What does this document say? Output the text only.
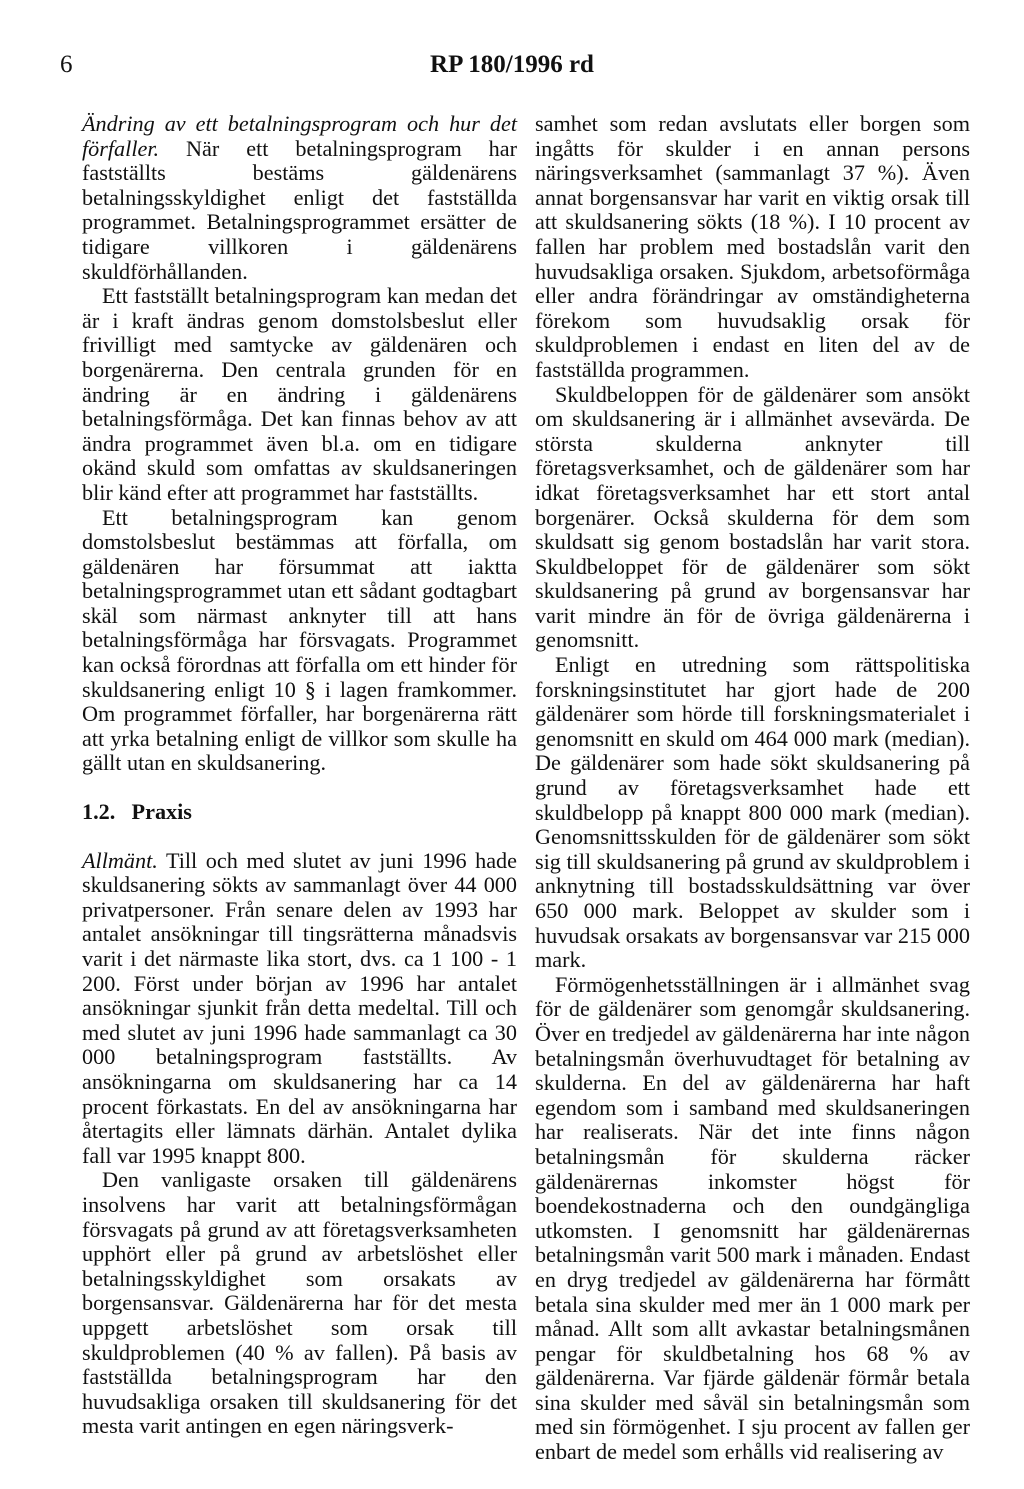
6	RP 180/1996 rd

Ändring av ett betalningsprogram och hur det förfaller. När ett betalningsprogram har fastställts bestäms gäldenärens betalningsskyldighet enligt det fastställda programmet. Betalningsprogrammet ersätter de tidigare villkoren i gäldenärens skuldförhållanden.

Ett fastställt betalningsprogram kan medan det är i kraft ändras genom domstolsbeslut eller frivilligt med samtycke av gäldenären och borgenärerna. Den centrala grunden för en ändring är en ändring i gäldenärens betalningsförmåga. Det kan finnas behov av att ändra programmet även bl.a. om en tidigare okänd skuld som omfattas av skuldsaneringen blir känd efter att programmet har fastställts.

Ett betalningsprogram kan genom domstolsbeslut bestämmas att förfalla, om gäldenären har försummat att iaktta betalningsprogrammet utan ett sådant godtagbart skäl som närmast anknyter till att hans betalningsförmåga har försvagats. Programmet kan också förordnas att förfalla om ett hinder för skuldsanering enligt 10 § i lagen framkommer. Om programmet förfaller, har borgenärerna rätt att yrka betalning enligt de villkor som skulle ha gällt utan en skuldsanering.

1.2. Praxis

Allmänt. Till och med slutet av juni 1996 hade skuldsanering sökts av sammanlagt över 44 000 privatpersoner. Från senare delen av 1993 har antalet ansökningar till tingsrätterna månadsvis varit i det närmaste lika stort, dvs. ca 1 100 - 1 200. Först under början av 1996 har antalet ansökningar sjunkit från detta medeltal. Till och med slutet av juni 1996 hade sammanlagt ca 30 000 betalningsprogram fastställts. Av ansökningarna om skuldsanering har ca 14 procent förkastats. En del av ansökningarna har återtagits eller lämnats därhän. Antalet dylika fall var 1995 knappt 800.

Den vanligaste orsaken till gäldenärens insolvens har varit att betalningsförmågan försvagats på grund av att företagsverksamheten upphört eller på grund av arbetslöshet eller betalningsskyldighet som orsakats av borgensansvar. Gäldenärerna har för det mesta uppgett arbetslöshet som orsak till skuldproblemen (40 % av fallen). På basis av fastställda betalningsprogram har den huvudsakliga orsaken till skuldsanering för det mesta varit antingen en egen näringsverk-

samhet som redan avslutats eller borgen som ingåtts för skulder i en annan persons näringsverksamhet (sammanlagt 37 %). Även annat borgensansvar har varit en viktig orsak till att skuldsanering sökts (18 %). I 10 procent av fallen har problem med bostadslån varit den huvudsakliga orsaken. Sjukdom, arbetsoförmåga eller andra förändringar av omständigheterna förekom som huvudsaklig orsak för skuldproblemen i endast en liten del av de fastställda programmen.

Skuldbeloppen för de gäldenärer som ansökt om skuldsanering är i allmänhet avsevärda. De största skulderna anknyter till företagsverksamhet, och de gäldenärer som har idkat företagsverksamhet har ett stort antal borgenärer. Också skulderna för dem som skuldsatt sig genom bostadslån har varit stora. Skuldbeloppet för de gäldenärer som sökt skuldsanering på grund av borgensansvar har varit mindre än för de övriga gäldenärerna i genomsnitt.

Enligt en utredning som rättspolitiska forskningsinstitutet har gjort hade de 200 gäldenärer som hörde till forskningsmaterialet i genomsnitt en skuld om 464 000 mark (median). De gäldenärer som hade sökt skuldsanering på grund av företagsverksamhet hade ett skuldbelopp på knappt 800 000 mark (median). Genomsnittsskulden för de gäldenärer som sökt sig till skuldsanering på grund av skuldproblem i anknytning till bostadsskuldsättning var över 650 000 mark. Beloppet av skulder som i huvudsak orsakats av borgensansvar var 215 000 mark.

Förmögenhetsställningen är i allmänhet svag för de gäldenärer som genomgår skuldsanering. Över en tredjedel av gäldenärerna har inte någon betalningsmån överhuvudtaget för betalning av skulderna. En del av gäldenärerna har haft egendom som i samband med skuldsaneringen har realiserats. När det inte finns någon betalningsmån för skulderna räcker gäldenärernas inkomster högst för boendekostnaderna och den oundgängliga utkomsten. I genomsnitt har gäldenärernas betalningsmån varit 500 mark i månaden. Endast en dryg tredjedel av gäldenärerna har förmått betala sina skulder med mer än 1 000 mark per månad. Allt som allt avkastar betalningsmånen pengar för skuldbetalning hos 68 % av gäldenärerna. Var fjärde gäldenär förmår betala sina skulder med såväl sin betalningsmån som med sin förmögenhet. I sju procent av fallen ger enbart de medel som erhålls vid realisering av
